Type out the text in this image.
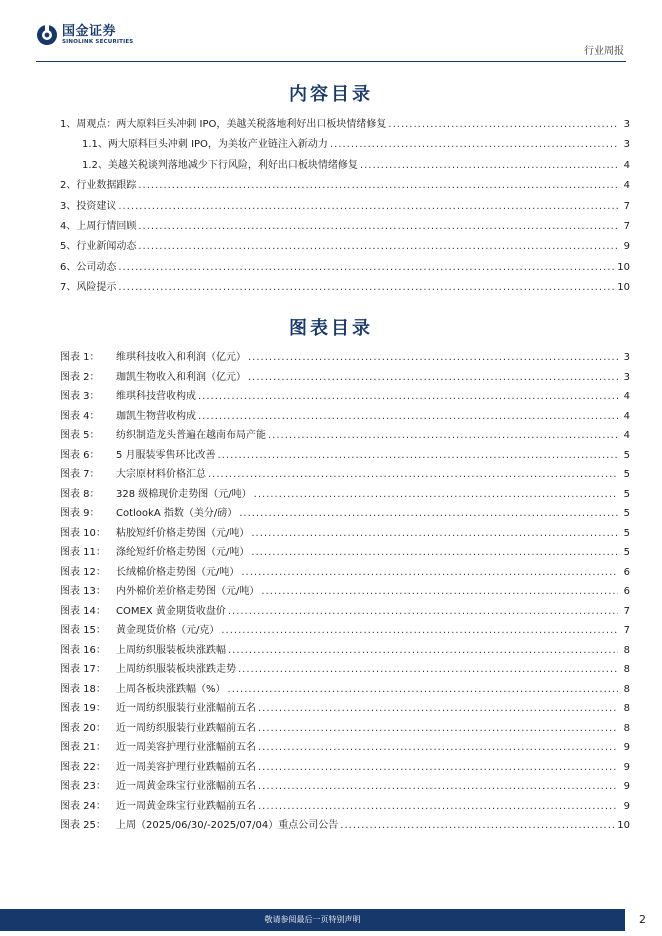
国金证券
SINOLINK SECURITIES
行业周报
内容目录
1、周观点：两大原料巨头冲刺 IPO，美越关税落地利好出口板块情绪修复 .....	3
1.1、两大原料巨头冲刺 IPO，为美妆产业链注入新动力 .....	3
1.2、美越关税谈判落地减少下行风险，利好出口板块情绪修复 .....	4
2、行业数据跟踪 .....	4
3、投资建议 .....	7
4、上周行情回顾 .....	7
5、行业新闻动态 .....	9
6、公司动态 .....	10
7、风险提示 .....	10
图表目录
图表 1：	维琪科技收入和利润（亿元） .....	3
图表 2：	珈凯生物收入和利润（亿元） .....	3
图表 3：	维琪科技营收构成 .....	4
图表 4：	珈凯生物营收构成 .....	4
图表 5：	纺织制造龙头普遍在越南布局产能 .....	4
图表 6：	5 月服装零售环比改善 .....	5
图表 7：	大宗原材料价格汇总 .....	5
图表 8：	328 级棉现价走势图（元/吨） .....	5
图表 9：	CotlookA 指数（美分/磅） .....	5
图表 10：	粘胶短纤价格走势图（元/吨） .....	5
图表 11：	涤纶短纤价格走势图（元/吨） .....	5
图表 12：	长绒棉价格走势图（元/吨） .....	6
图表 13：	内外棉价差价格走势图（元/吨） .....	6
图表 14：	COMEX 黄金期货收盘价 .....	7
图表 15：	黄金现货价格（元/克） .....	7
图表 16：	上周纺织服装板块涨跌幅 .....	8
图表 17：	上周纺织服装板块涨跌走势 .....	8
图表 18：	上周各板块涨跌幅（%） .....	8
图表 19：	近一周纺织服装行业涨幅前五名 .....	8
图表 20：	近一周纺织服装行业跌幅前五名 .....	8
图表 21：	近一周美容护理行业涨幅前五名 .....	9
图表 22：	近一周美容护理行业跌幅前五名 .....	9
图表 23：	近一周黄金珠宝行业涨幅前五名 .....	9
图表 24：	近一周黄金珠宝行业跌幅前五名 .....	9
图表 25：	上周（2025/06/30/-2025/07/04）重点公司公告 .....	10
敬请参阅最后一页特别声明	2
